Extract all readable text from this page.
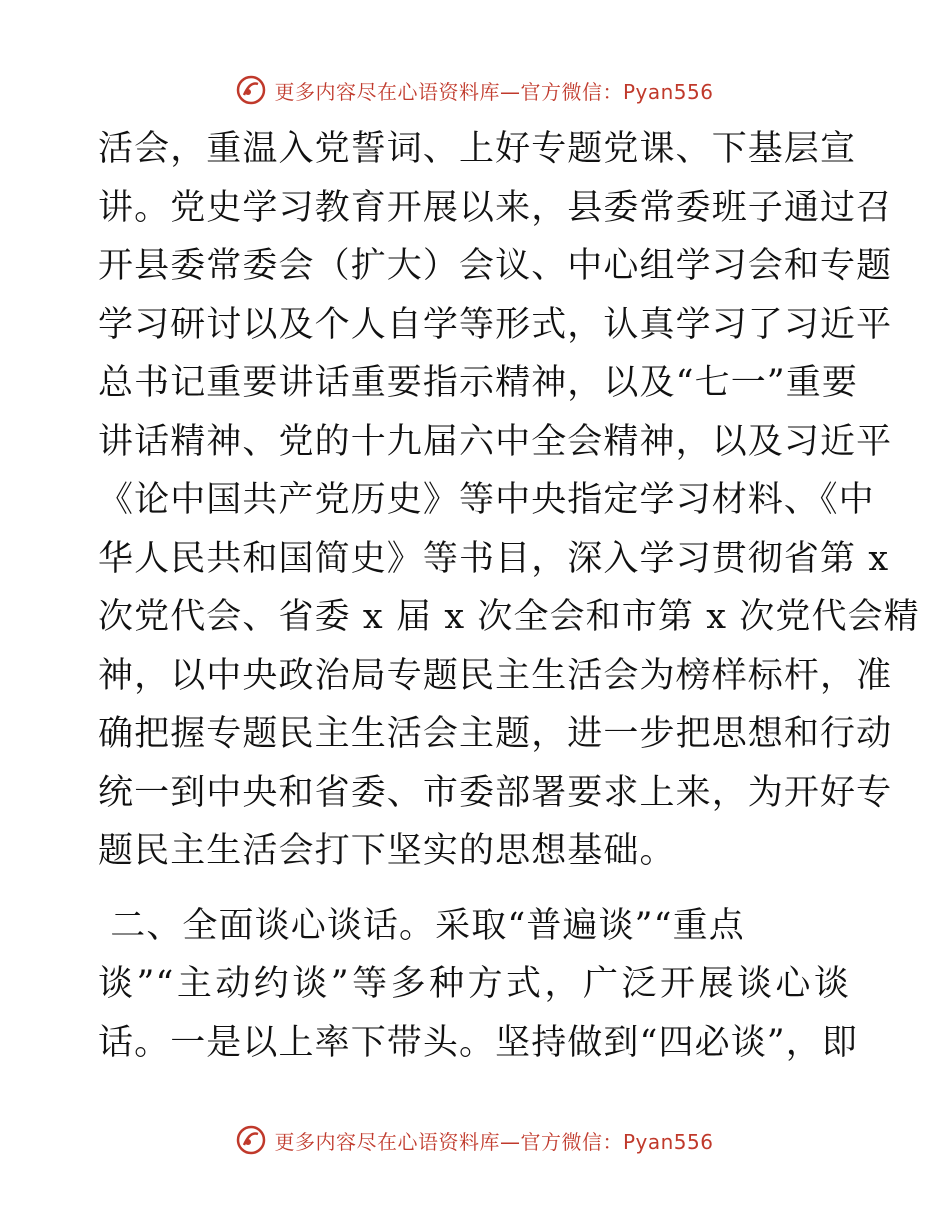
更多内容尽在心语资料库—官方微信：Pyan556
活会，重温入党誓词、上好专题党课、下基层宣
讲。党史学习教育开展以来，县委常委班子通过召
开县委常委会（扩大）会议、中心组学习会和专题
学习研讨以及个人自学等形式，认真学习了习近平
总书记重要讲话重要指示精神，以及“七一”重要
讲话精神、党的十九届六中全会精神，以及习近平
《论中国共产党历史》等中央指定学习材料、《中
华人民共和国简史》等书目，深入学习贯彻省第 x
次党代会、省委 x 届 x 次全会和市第 x 次党代会精
神，以中央政治局专题民主生活会为榜样标杆，准
确把握专题民主生活会主题，进一步把思想和行动
统一到中央和省委、市委部署要求上来，为开好专
题民主生活会打下坚实的思想基础。
二、全面谈心谈话。采取“普遍谈”“重点
谈”“主动约谈”等多种方式，广泛开展谈心谈
话。一是以上率下带头。坚持做到“四必谈”，即
更多内容尽在心语资料库—官方微信：Pyan556
